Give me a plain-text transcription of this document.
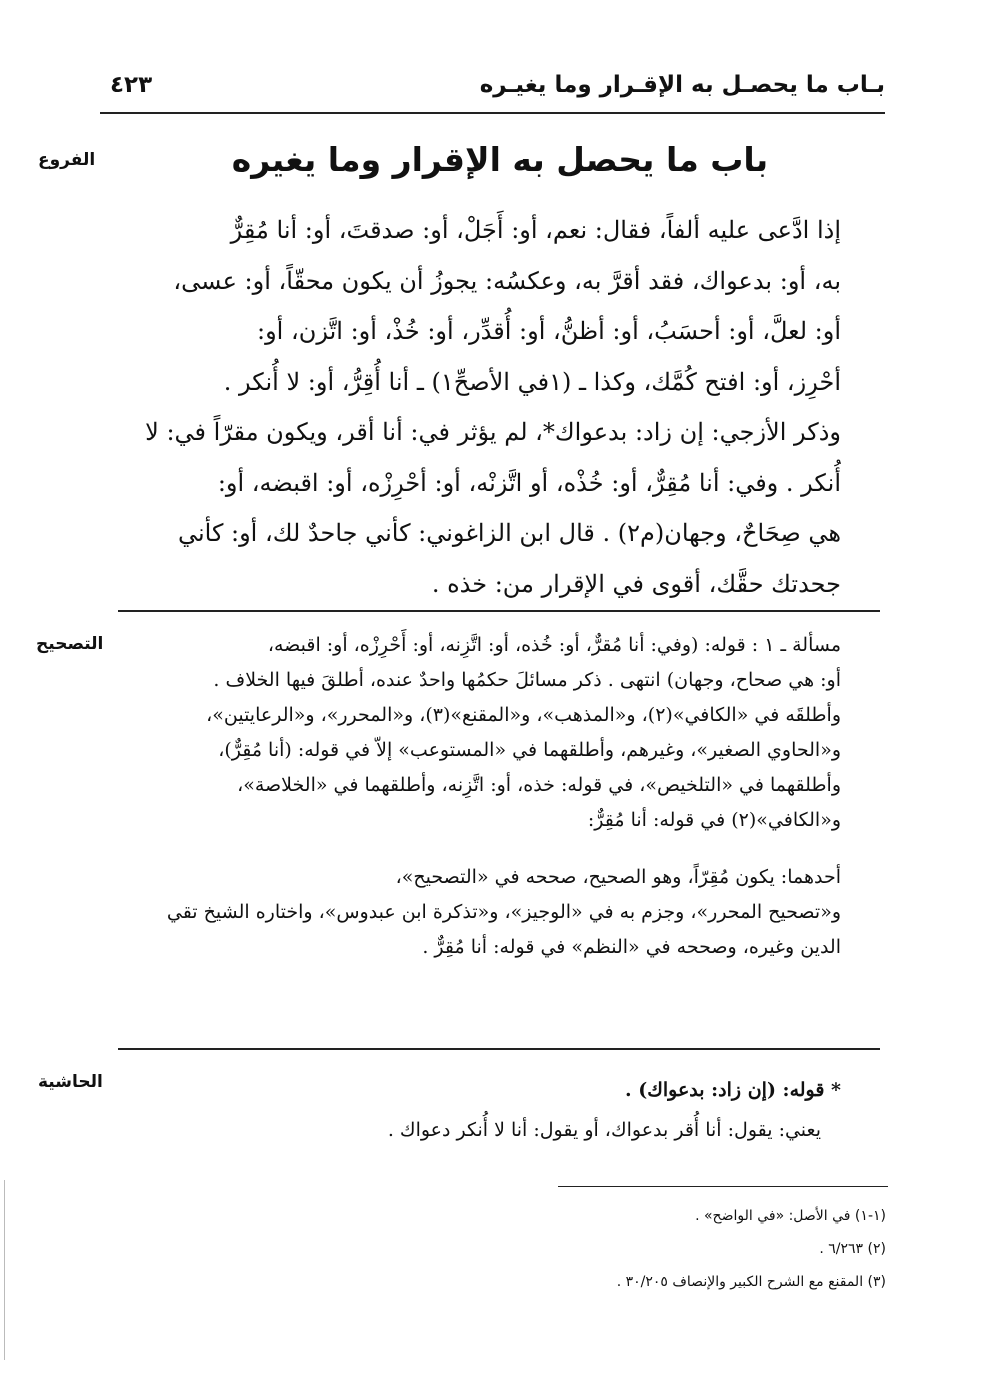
بـاب ما يحصـل به الإقـرار وما يغيـره
٤٢٣
باب ما يحصل به الإقرار وما يغيره
الفروع
إذا ادَّعى عليه ألفاً، فقال: نعم، أو: أَجَلْ، أو: صدقتَ، أو: أنا مُقِرٌّ
به، أو: بدعواك، فقد أقرَّ به، وعكسُه: يجوزُ أن يكون محقّاً، أو: عسى،
أو: لعلَّ، أو: أحسَبُ، أو: أظنُّ، أو: أُقدِّر، أو: خُذْ، أو: اتَّزن، أو:
أحْرِز، أو: افتح كُمَّك، وكذا ـ (١في الأصحِّ١) ـ أنا أُقِرُّ، أو: لا أُنكر .
وذكر الأزجي: إن زاد: بدعواك*، لم يؤثر في: أنا أقر، ويكون مقرّاً في: لا
أُنكر . وفي: أنا مُقِرٌّ، أو: خُذْه، أو اتَّزنْه، أو: أحْرِزْه، أو: اقبضه، أو:
هي صِحَاحٌ، وجهان(م٢) . قال ابن الزاغوني: كأني جاحدٌ لك، أو: كأني
جحدتك حقَّك، أقوى في الإقرار من: خذه .
التصحيح	مسألة ـ ١ : قوله: (وفي: أنا مُقرٌّ، أو: خُذه، أو: اتَّزِنه، أو: أَحْرِزْه، أو: اقبضه،
أو: هي صحاح، وجهان) انتهى . ذكر مسائلَ حكمُها واحدٌ عنده، أطلقَ فيها الخلاف .
وأطلقَه في «الكافي»(٢)، و«المذهب»، و«المقنع»(٣)، و«المحرر»، و«الرعايتين»،
و«الحاوي الصغير»، وغيرهم، وأطلقهما في «المستوعب» إلاّ في قوله: (أنا مُقِرٌّ)،
وأطلقهما في «التلخيص»، في قوله: خذه، أو: اتَّزِنه، وأطلقهما في «الخلاصة»،
و«الكافي»(٢) في قوله: أنا مُقِرٌّ:
أحدهما: يكون مُقِرّاً، وهو الصحيح، صححه في «التصحيح»،
و«تصحيح المحرر»، وجزم به في «الوجيز»، و«تذكرة ابن عبدوس»، واختاره الشيخ تقي
الدين وغيره، وصححه في «النظم» في قوله: أنا مُقِرٌّ .
الحاشية	* قوله: (إن زاد: بدعواك) .
يعني: يقول: أنا أُقر بدعواك، أو يقول: أنا لا أُنكر دعواك .
(١-١) في الأصل: «في الواضح» .
(٢) ٦/٢٦٣ .
(٣) المقنع مع الشرح الكبير والإنصاف ٣٠/٢٠٥ .
